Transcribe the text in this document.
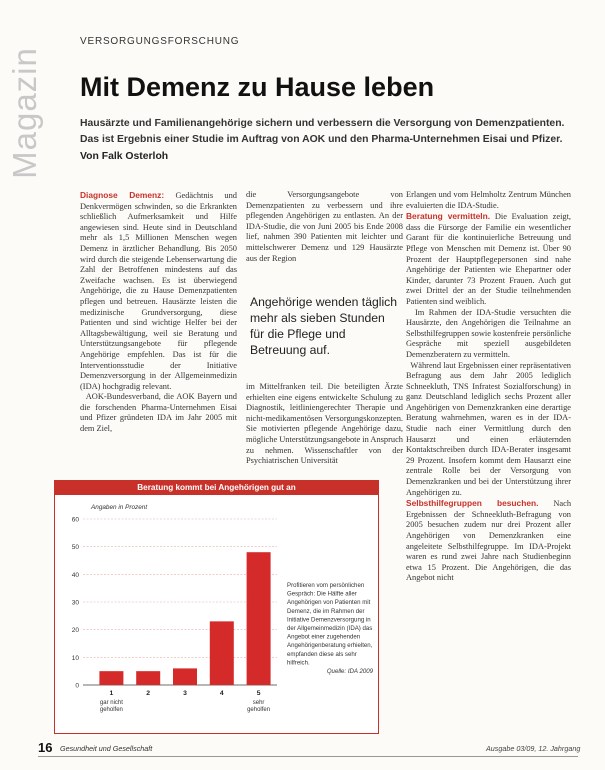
Magazin
VERSORGUNGSFORSCHUNG
Mit Demenz zu Hause leben
Hausärzte und Familienangehörige sichern und verbessern die Versorgung von Demenzpatienten. Das ist Ergebnis einer Studie im Auftrag von AOK und den Pharma-Unternehmen Eisai und Pfizer. Von Falk Osterloh

Diagnose Demenz: Gedächtnis und Denkvermögen schwinden, so die Erkrankten schließlich Aufmerksamkeit und Hilfe angewiesen sind. Heute sind in Deutschland mehr als 1,5 Millionen Menschen wegen Demenz in ärztlicher Behandlung. Bis 2050 wird durch die steigende Lebenserwartung die Zahl der Betroffenen mindestens auf das Zweifache wachsen. Es ist überwiegend Angehörige, die zu Hause Demenzpatienten pflegen und betreuen. Hausärzte leisten die medizinische Grundversorgung, diese Patienten und sind wichtige Helfer bei der Alltagsbewältigung, weil sie Beratung und Unterstützungsangebote für pflegende Angehörige empfehlen. Das ist für die Interventionsstudie der Initiative Demenzversorgung in der Allgemeinmedizin (IDA) hochgradig relevant.

AOK-Bundesverband, die AOK Bayern und die forschenden Pharma-Unternehmen Eisai und Pfizer gründeten IDA im Jahr 2005 mit dem Ziel,

die Versorgungsangebote von Demenzpatienten zu verbessern und ihre pflegenden Angehörigen zu entlasten. An der IDA-Studie, die von Juni 2005 bis Ende 2008 lief, nahmen 390 Patienten mit leichter und mittelschwerer Demenz und 129 Hausärzte aus der Region

Angehörige wenden täglich mehr als sieben Stunden für die Pflege und Betreuung auf.

im Mittelfranken teil. Die beteiligten Ärzte erhielten eine eigens entwickelte Schulung zu Diagnostik, leitliniengerechter Therapie und nicht-medikamentösen Versorgungskonzepten. Sie motivierten pflegende Angehörige dazu, mögliche Unterstützungsangebote in Anspruch zu nehmen. Wissenschaftler von der Psychiatrischen Universität

Erlangen und vom Helmholtz Zentrum München evaluierten die IDA-Studie.

Beratung vermitteln. Die Evaluation zeigt, dass die Fürsorge der Familie ein wesentlicher Garant für die kontinuierliche Betreuung und Pflege von Menschen mit Demenz ist. Über 90 Prozent der Hauptpflegepersonen sind nahe Angehörige der Patienten wie Ehepartner oder Kinder, darunter 73 Prozent Frauen. Auch gut zwei Drittel der an der Studie teilnehmenden Patienten sind weiblich.

Im Rahmen der IDA-Studie versuchten die Hausärzte, den Angehörigen die Teilnahme an Selbsthilfegruppen sowie kostenfreie persönliche Gespräche mit speziell ausgebildeten Demenzberatern zu vermitteln.

Während laut Ergebnissen einer repräsentativen Befragung aus dem Jahr 2005 lediglich Schneekluth, TNS Infratest Sozialforschung) in ganz Deutschland lediglich sechs Prozent aller Angehörigen von Demenzkranken eine derartige Beratung wahrnehmen, waren es in der IDA-Studie nach einer Vermittlung durch den Hausarzt und einen erläuternden Kontaktschreiben durch IDA-Berater insgesamt 29 Prozent. Insofern kommt dem Hausarzt eine zentrale Rolle bei der Versorgung von Demenzkranken und bei der Unterstützung ihrer Angehörigen zu.

Selbsthilfegruppen besuchen. Nach Ergebnissen der Schneekluth-Befragung von 2005 besuchen zudem nur drei Prozent aller Angehörigen von Demenzkranken eine angeleitete Selbsthilfegruppe. Im IDA-Projekt waren es rund zwei Jahre nach Studienbeginn etwa 15 Prozent. Die Angehörigen, die das Angebot nicht

Beratung kommt bei Angehörigen gut an
Angaben in Prozent
0
10
20
30
40
50
60
1
gar nicht
geholfen
2	3	4	5
sehr
geholfen
Profitieren vom persönlichen
Gespräch: Die Hälfte aller
Angehörigen von Patienten mit
Demenz, die im Rahmen der
Initiative Demenzversorgung in
der Allgemeinmedizin (IDA) das
Angebot einer zugehenden
Angehörigenberatung erhielten,
empfanden diese als sehr
hilfreich.
Quelle: IDA 2009
16 Gesundheit und Gesellschaft	Ausgabe 03/09, 12. Jahrgang
